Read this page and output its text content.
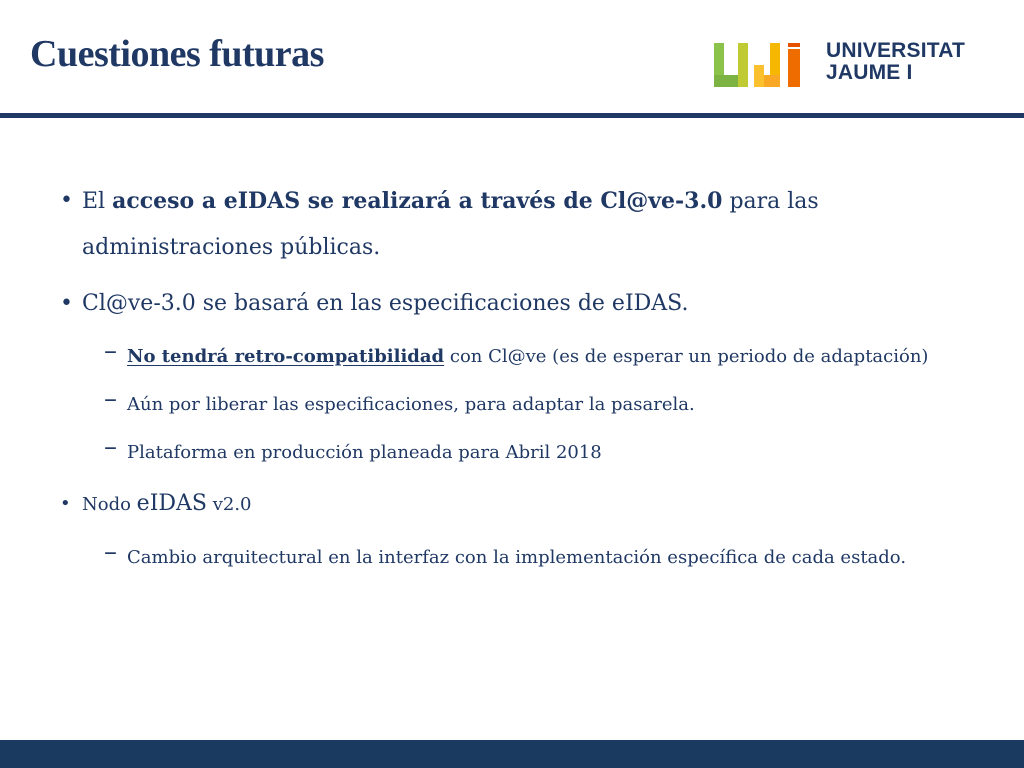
Cuestiones futuras	UNIVERSITAT
JAUME I
• El acceso a eIDAS se realizará a través de Cl@ve-3.0 para las administraciones públicas.
• Cl@ve-3.0 se basará en las especificaciones de eIDAS.
– No tendrá retro-compatibilidad con Cl@ve (es de esperar un periodo de adaptación)
– Aún por liberar las especificaciones, para adaptar la pasarela.
– Plataforma en producción planeada para Abril 2018
• Nodo eIDAS v2.0
– Cambio arquitectural en la interfaz con la implementación específica de cada estado.
